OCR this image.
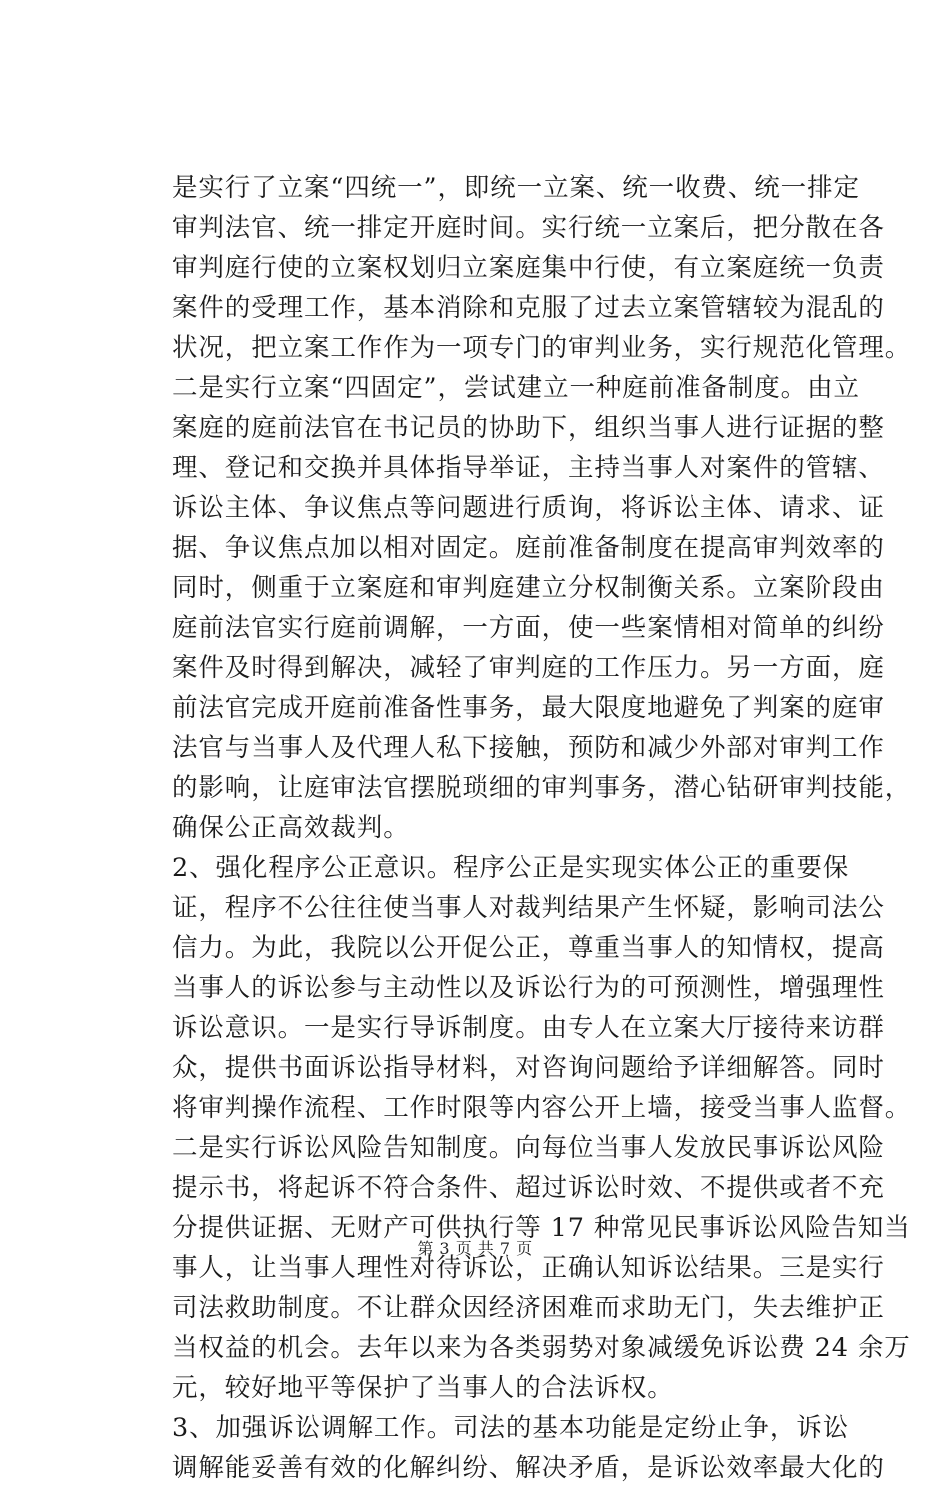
是实行了立案“四统一”，即统一立案、统一收费、统一排定
审判法官、统一排定开庭时间。实行统一立案后，把分散在各
审判庭行使的立案权划归立案庭集中行使，有立案庭统一负责
案件的受理工作，基本消除和克服了过去立案管辖较为混乱的
状况，把立案工作作为一项专门的审判业务，实行规范化管理。
二是实行立案“四固定”，尝试建立一种庭前准备制度。由立
案庭的庭前法官在书记员的协助下，组织当事人进行证据的整
理、登记和交换并具体指导举证，主持当事人对案件的管辖、
诉讼主体、争议焦点等问题进行质询，将诉讼主体、请求、证
据、争议焦点加以相对固定。庭前准备制度在提高审判效率的
同时，侧重于立案庭和审判庭建立分权制衡关系。立案阶段由
庭前法官实行庭前调解，一方面，使一些案情相对简单的纠纷
案件及时得到解决，减轻了审判庭的工作压力。另一方面，庭
前法官完成开庭前准备性事务，最大限度地避免了判案的庭审
法官与当事人及代理人私下接触，预防和减少外部对审判工作
的影响，让庭审法官摆脱琐细的审判事务，潜心钻研审判技能，
确保公正高效裁判。
2、强化程序公正意识。程序公正是实现实体公正的重要保
证，程序不公往往使当事人对裁判结果产生怀疑，影响司法公
信力。为此，我院以公开促公正，尊重当事人的知情权，提高
当事人的诉讼参与主动性以及诉讼行为的可预测性，增强理性
诉讼意识。一是实行导诉制度。由专人在立案大厅接待来访群
众，提供书面诉讼指导材料，对咨询问题给予详细解答。同时
将审判操作流程、工作时限等内容公开上墙，接受当事人监督。
二是实行诉讼风险告知制度。向每位当事人发放民事诉讼风险
提示书，将起诉不符合条件、超过诉讼时效、不提供或者不充
分提供证据、无财产可供执行等 17 种常见民事诉讼风险告知当
事人，让当事人理性对待诉讼，正确认知诉讼结果。三是实行
司法救助制度。不让群众因经济困难而求助无门，失去维护正
当权益的机会。去年以来为各类弱势对象减缓免诉讼费 24 余万
元，较好地平等保护了当事人的合法诉权。
3、加强诉讼调解工作。司法的基本功能是定纷止争，诉讼
调解能妥善有效的化解纠纷、解决矛盾，是诉讼效率最大化的
第 3 页 共 7 页
